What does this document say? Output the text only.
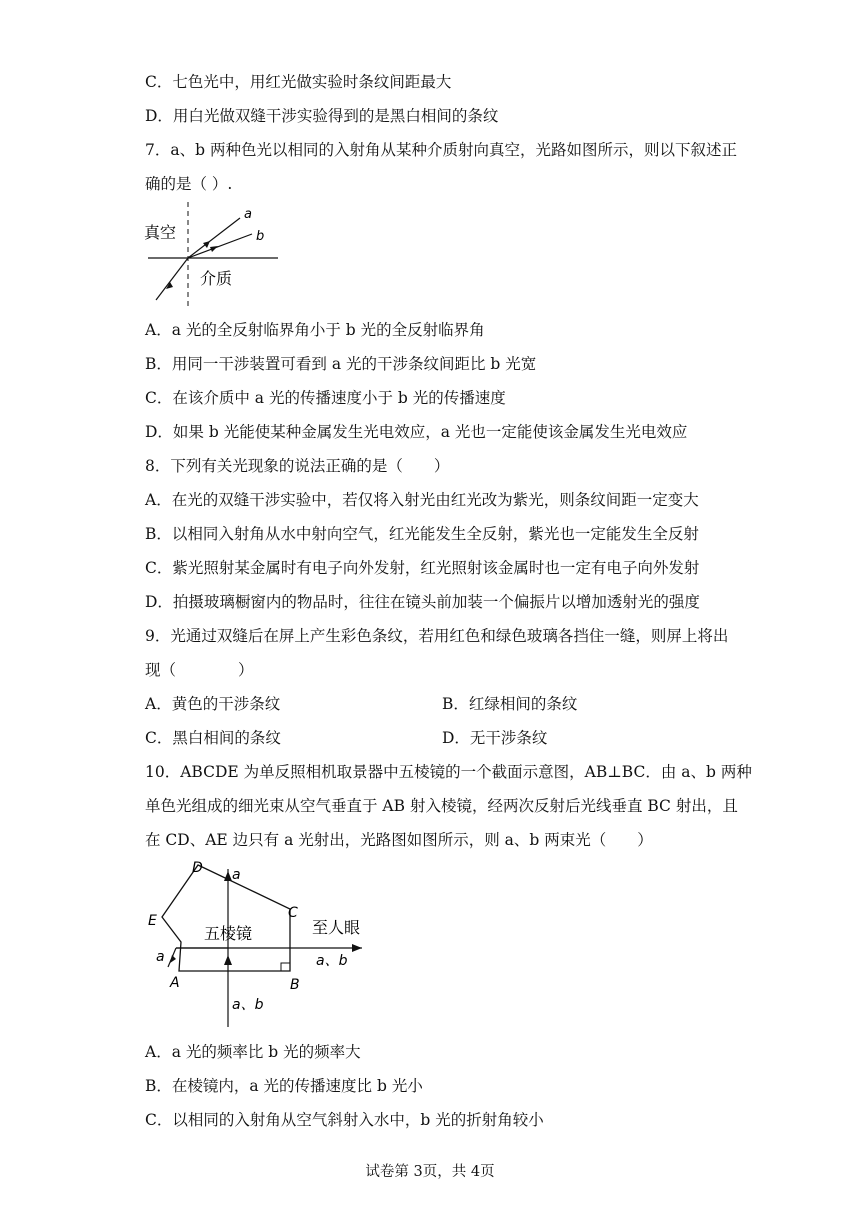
C．七色光中，用红光做实验时条纹间距最大
D．用白光做双缝干涉实验得到的是黑白相间的条纹
7．a、b 两种色光以相同的入射角从某种介质射向真空，光路如图所示，则以下叙述正
确的是（ ）.
真空
介质
a
b
A．a 光的全反射临界角小于 b 光的全反射临界角
B．用同一干涉装置可看到 a 光的干涉条纹间距比 b 光宽
C．在该介质中 a 光的传播速度小于 b 光的传播速度
D．如果 b 光能使某种金属发生光电效应，a 光也一定能使该金属发生光电效应
8．下列有关光现象的说法正确的是（　　）
A．在光的双缝干涉实验中，若仅将入射光由红光改为紫光，则条纹间距一定变大
B．以相同入射角从水中射向空气，红光能发生全反射，紫光也一定能发生全反射
C．紫光照射某金属时有电子向外发射，红光照射该金属时也一定有电子向外发射
D．拍摄玻璃橱窗内的物品时，往往在镜头前加装一个偏振片以增加透射光的强度
9．光通过双缝后在屏上产生彩色条纹，若用红色和绿色玻璃各挡住一缝，则屏上将出
现（　　　　）
A．黄色的干涉条纹	B．红绿相间的条纹
C．黑白相间的条纹	D．无干涉条纹
10．ABCDE 为单反照相机取景器中五棱镜的一个截面示意图，AB⊥BC．由 a、b 两种
单色光组成的细光束从空气垂直于 AB 射入棱镜，经两次反射后光线垂直 BC 射出，且
在 CD、AE 边只有 a 光射出，光路图如图所示，则 a、b 两束光（　　）
五棱镜	至人眼
a、b
a、b
a
a
A	B
C
D
E
A．a 光的频率比 b 光的频率大
B．在棱镜内，a 光的传播速度比 b 光小
C．以相同的入射角从空气斜射入水中，b 光的折射角较小
试卷第 3页，共 4页
